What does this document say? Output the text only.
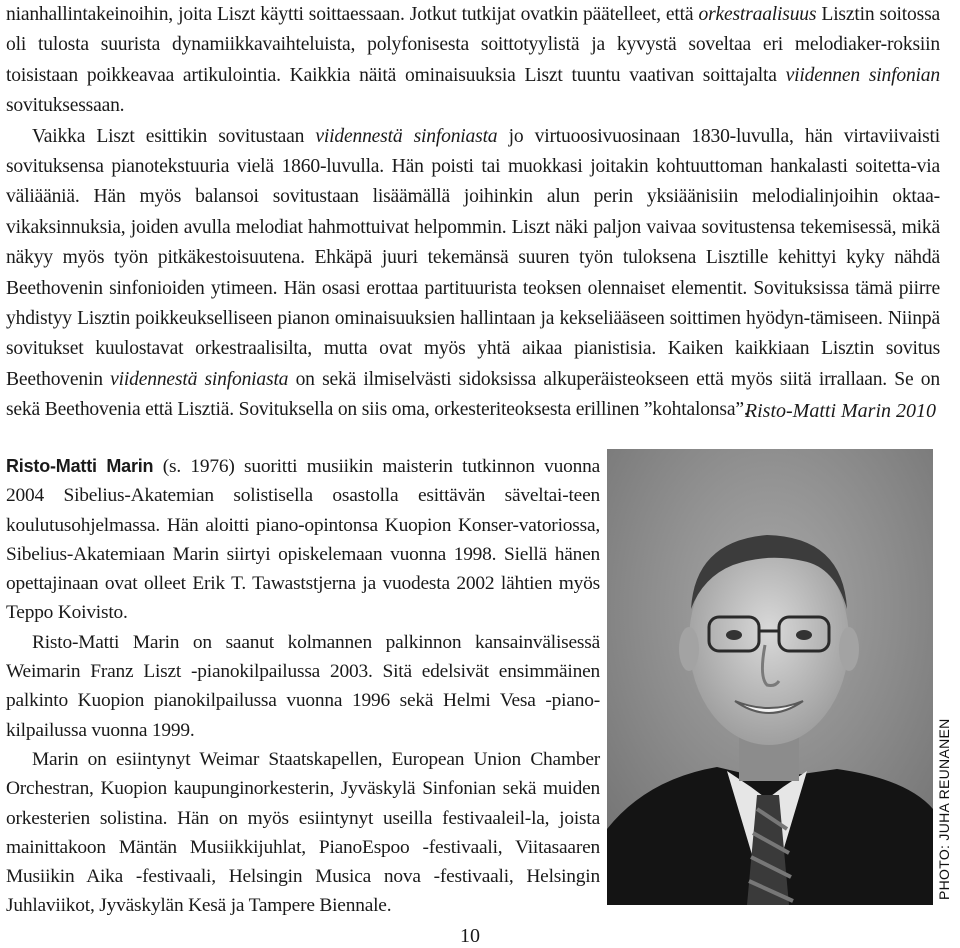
nianhallintakeinoihin, joita Liszt käytti soittaessaan. Jotkut tutkijat ovatkin päätelleet, että orkestraalisuus Lisztin soitossa oli tulosta suurista dynamiikkavaihteluista, polyfonisesta soittotyylistä ja kyvystä soveltaa eri melodiaker-roksiin toisistaan poikkeavaa artikulointia. Kaikkia näitä ominaisuuksia Liszt tuuntu vaativan soittajalta viidennen sinfonian sovituksessaan.

Vaikka Liszt esittikin sovitustaan viidennestä sinfoniasta jo virtuoosivuosinaan 1830-luvulla, hän virtaviivaisti sovituksensa pianotekstuuria vielä 1860-luvulla. Hän poisti tai muokkasi joitakin kohtuuttoman hankalasti soitetta-via väliääniä. Hän myös balansoi sovitustaan lisäämällä joihinkin alun perin yksiäänisiin melodialinjoihin oktaa-vikaksinnuksia, joiden avulla melodiat hahmottuivat helpommin. Liszt näki paljon vaivaa sovitustensa tekemisessä, mikä näkyy myös työn pitkäkestoisuutena. Ehkäpä juuri tekemänsä suuren työn tuloksena Lisztille kehittyi kyky nähdä Beethovenin sinfonioiden ytimeen. Hän osasi erottaa partituurista teoksen olennaiset elementit. Sovituksissa tämä piirre yhdistyy Lisztin poikkeukselliseen pianon ominaisuuksien hallintaan ja kekseliääseen soittimen hyödyn-tämiseen. Niinpä sovitukset kuulostavat orkestraalisilta, mutta ovat myös yhtä aikaa pianistisia. Kaiken kaikkiaan Lisztin sovitus Beethovenin viidennestä sinfoniasta on sekä ilmiselvästi sidoksissa alkuperäisteokseen että myös siitä irrallaan. Se on sekä Beethovenia että Lisztiä. Sovituksella on siis oma, orkesteriteoksesta erillinen ”kohtalonsa”.

Risto-Matti Marin 2010

Risto-Matti Marin (s. 1976) suoritti musiikin maisterin tutkinnon vuonna 2004 Sibelius-Akatemian solistisella osastolla esittävän säveltai-teen koulutusohjelmassa. Hän aloitti piano-opintonsa Kuopion Konser-vatoriossa, Sibelius-Akatemiaan Marin siirtyi opiskelemaan vuonna 1998. Siellä hänen opettajinaan ovat olleet Erik T. Tawaststjerna ja vuodesta 2002 lähtien myös Teppo Koivisto.

Risto-Matti Marin on saanut kolmannen palkinnon kansainvälisessä Weimarin Franz Liszt -pianokilpailussa 2003. Sitä edelsivät ensimmäinen palkinto Kuopion pianokilpailussa vuonna 1996 sekä Helmi Vesa -piano-kilpailussa vuonna 1999.

Marin on esiintynyt Weimar Staatskapellen, European Union Chamber Orchestran, Kuopion kaupunginorkesterin, Jyväskylä Sinfonian sekä muiden orkesterien solistina. Hän on myös esiintynyt useilla festivaaleil-la, joista mainittakoon Mäntän Musiikkijuhlat, PianoEspoo -festivaali, Viitasaaren Musiikin Aika -festivaali, Helsingin Musica nova -festivaali, Helsingin Juhlaviikot, Jyväskylän Kesä ja Tampere Biennale.

PHOTO: JUHA REUNANEN
10
